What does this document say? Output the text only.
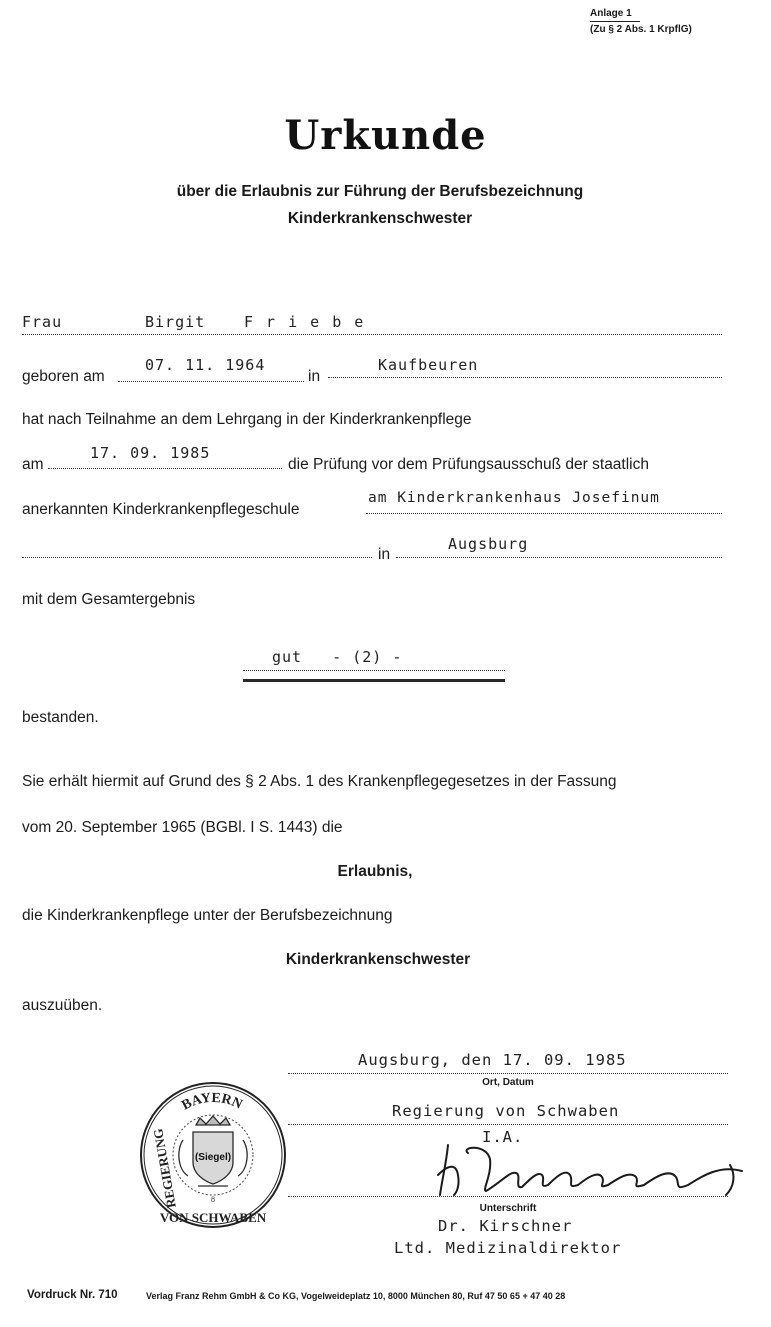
Anlage 1
(Zu § 2 Abs. 1 KrpflG)
Urkunde
über die Erlaubnis zur Führung der Berufsbezeichnung
Kinderkrankenschwester
Frau	Birgit	F r i e b e
geboren am
07. 11. 1964
in
Kaufbeuren
hat nach Teilnahme an dem Lehrgang in der Kinderkrankenpflege
am
17. 09. 1985
die Prüfung vor dem Prüfungsausschuß der staatlich
anerkannten Kinderkrankenpflegeschule
am Kinderkrankenhaus Josefinum
in
Augsburg
mit dem Gesamtergebnis
gut   - (2) -
bestanden.
Sie erhält hiermit auf Grund des § 2 Abs. 1 des Krankenpflegegesetzes in der Fassung
vom 20. September 1965 (BGBl. I S. 1443) die
Erlaubnis,
die Kinderkrankenpflege unter der Berufsbezeichnung
Kinderkrankenschwester
auszuüben.
Augsburg, den 17. 09. 1985
Ort, Datum
Regierung von Schwaben
I.A.
Unterschrift
Dr. Kirschner
Ltd. Medizinaldirektor
BAYERN
(Siegel)
8
REGIERUNG
VON SCHWABEN
Vordruck Nr. 710	Verlag Franz Rehm GmbH & Co KG, Vogelweideplatz 10, 8000 München 80, Ruf 47 50 65 + 47 40 28
